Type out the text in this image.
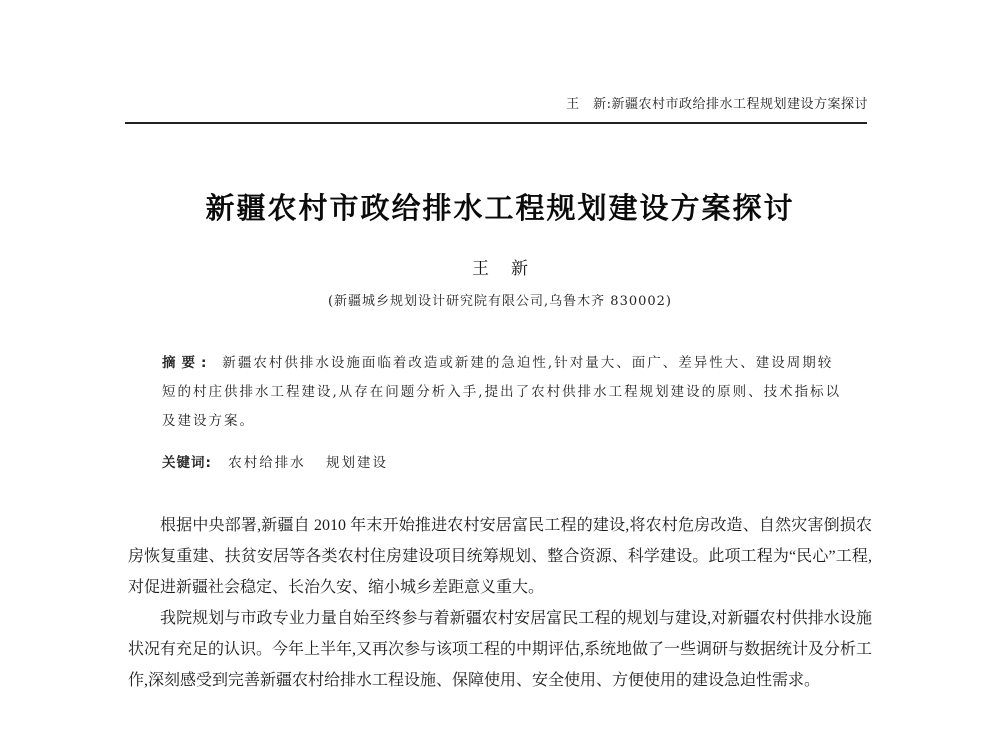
王　新:新疆农村市政给排水工程规划建设方案探讨
新疆农村市政给排水工程规划建设方案探讨
王新
(新疆城乡规划设计研究院有限公司,乌鲁木齐 830002)
摘要: 新疆农村供排水设施面临着改造或新建的急迫性,针对量大、面广、差异性大、建设周期较短的村庄供排水工程建设,从存在问题分析入手,提出了农村供排水工程规划建设的原则、技术指标以及建设方案。
关键词: 农村给排水 规划建设

根据中央部署,新疆自 2010 年末开始推进农村安居富民工程的建设,将农村危房改造、自然灾害倒损农房恢复重建、扶贫安居等各类农村住房建设项目统筹规划、整合资源、科学建设。此项工程为“民心”工程,对促进新疆社会稳定、长治久安、缩小城乡差距意义重大。

我院规划与市政专业力量自始至终参与着新疆农村安居富民工程的规划与建设,对新疆农村供排水设施状况有充足的认识。今年上半年,又再次参与该项工程的中期评估,系统地做了一些调研与数据统计及分析工作,深刻感受到完善新疆农村给排水工程设施、保障使用、安全使用、方便使用的建设急迫性需求。
